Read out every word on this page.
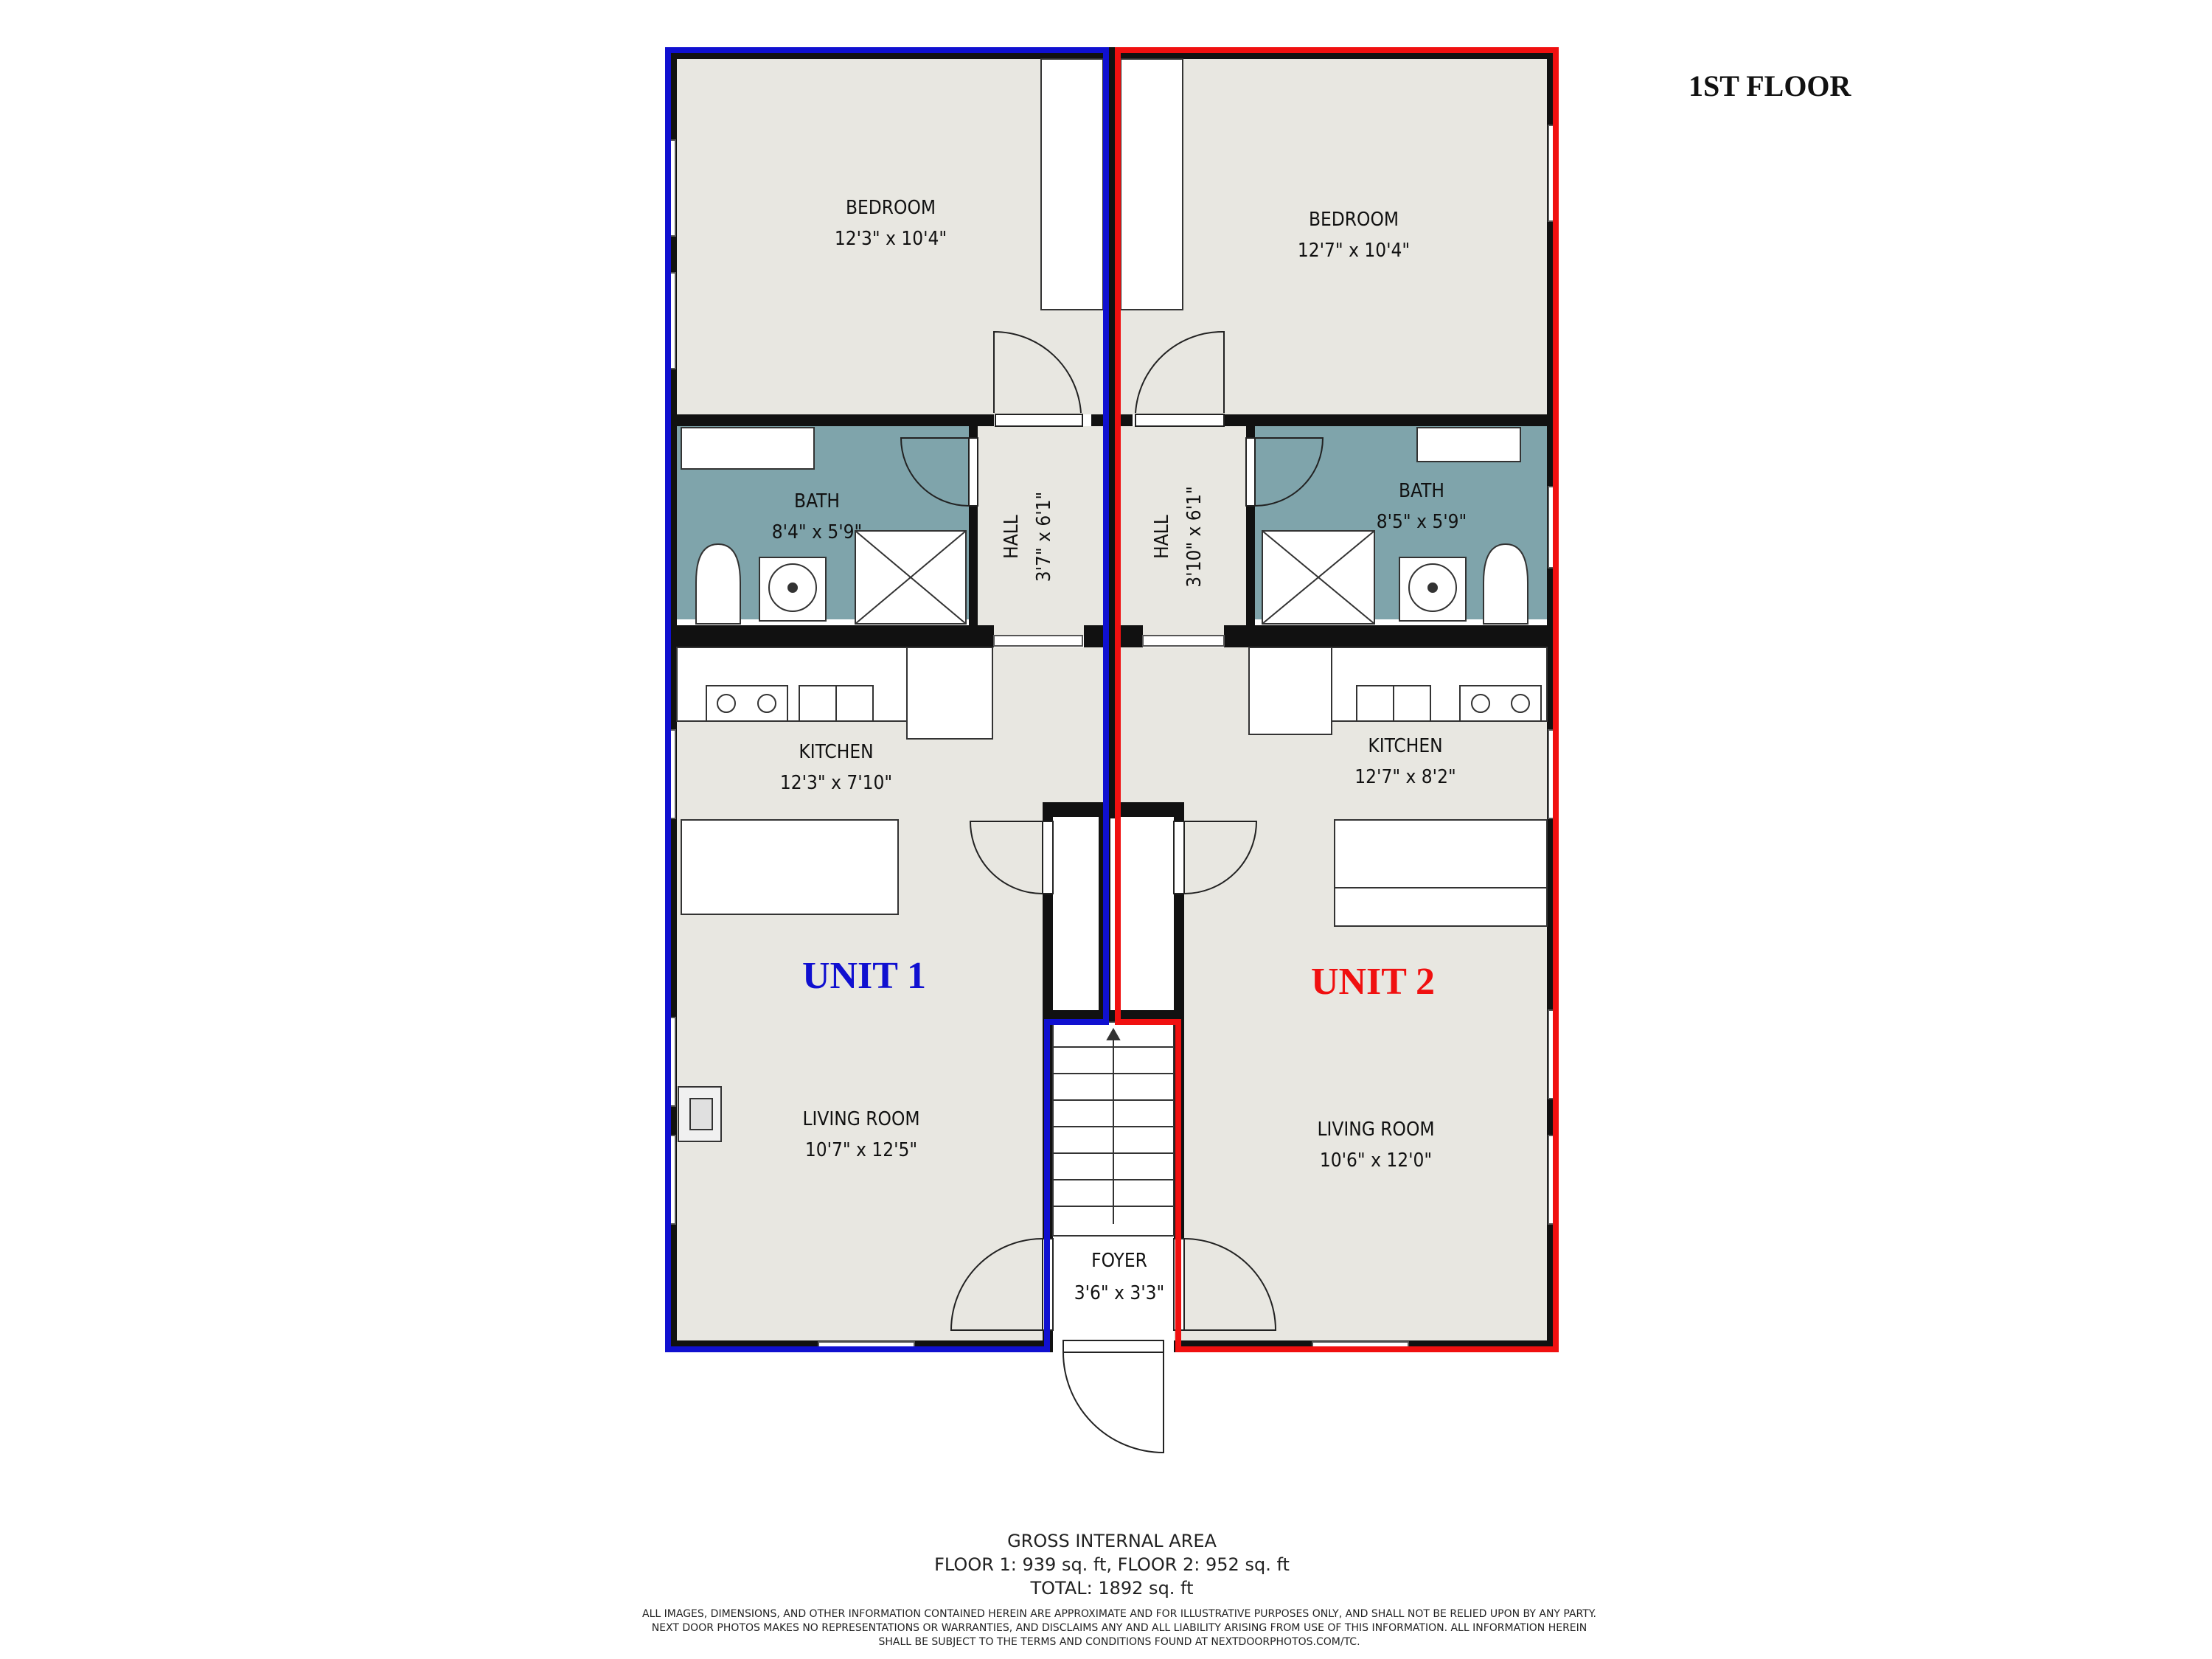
BEDROOM
12'3" x 10'4"
BEDROOM
12'7" x 10'4"
BATH
8'4" x 5'9"
BATH
8'5" x 5'9"
HALL 3'7" x 6'1"	HALL 3'10" x 6'1"
KITCHEN
12'3" x 7'10"
KITCHEN
12'7" x 8'2"
LIVING ROOM
10'7" x 12'5"
LIVING ROOM
10'6" x 12'0"
FOYER
3'6" x 3'3"
UNIT 1	UNIT 2
1ST FLOOR
GROSS INTERNAL AREA
FLOOR 1: 939 sq. ft, FLOOR 2: 952 sq. ft
TOTAL: 1892 sq. ft
ALL IMAGES, DIMENSIONS, AND OTHER INFORMATION CONTAINED HEREIN ARE APPROXIMATE AND FOR ILLUSTRATIVE PURPOSES ONLY, AND SHALL NOT BE RELIED UPON BY ANY PARTY.
NEXT DOOR PHOTOS MAKES NO REPRESENTATIONS OR WARRANTIES, AND DISCLAIMS ANY AND ALL LIABILITY ARISING FROM USE OF THIS INFORMATION. ALL INFORMATION HEREIN
SHALL BE SUBJECT TO THE TERMS AND CONDITIONS FOUND AT NEXTDOORPHOTOS.COM/TC.
